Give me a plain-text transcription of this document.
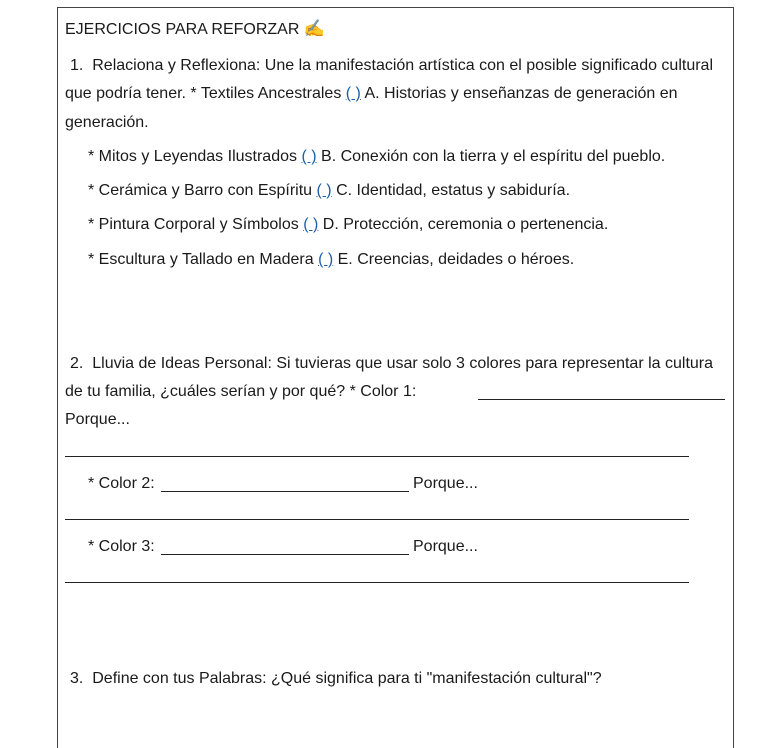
EJERCICIOS PARA REFORZAR ✍️
1. Relaciona y Reflexiona: Une la manifestación artística con el posible significado cultural
que podría tener. * Textiles Ancestrales ( ) A. Historias y enseñanzas de generación en
generación.
* Mitos y Leyendas Ilustrados ( ) B. Conexión con la tierra y el espíritu del pueblo.
* Cerámica y Barro con Espíritu ( ) C. Identidad, estatus y sabiduría.
* Pintura Corporal y Símbolos ( ) D. Protección, ceremonia o pertenencia.
* Escultura y Tallado en Madera ( ) E. Creencias, deidades o héroes.
2. Lluvia de Ideas Personal: Si tuvieras que usar solo 3 colores para representar la cultura
de tu familia, ¿cuáles serían y por qué? * Color 1:
Porque...
* Color 2:	Porque...
* Color 3:	Porque...
3. Define con tus Palabras: ¿Qué significa para ti "manifestación cultural"?
